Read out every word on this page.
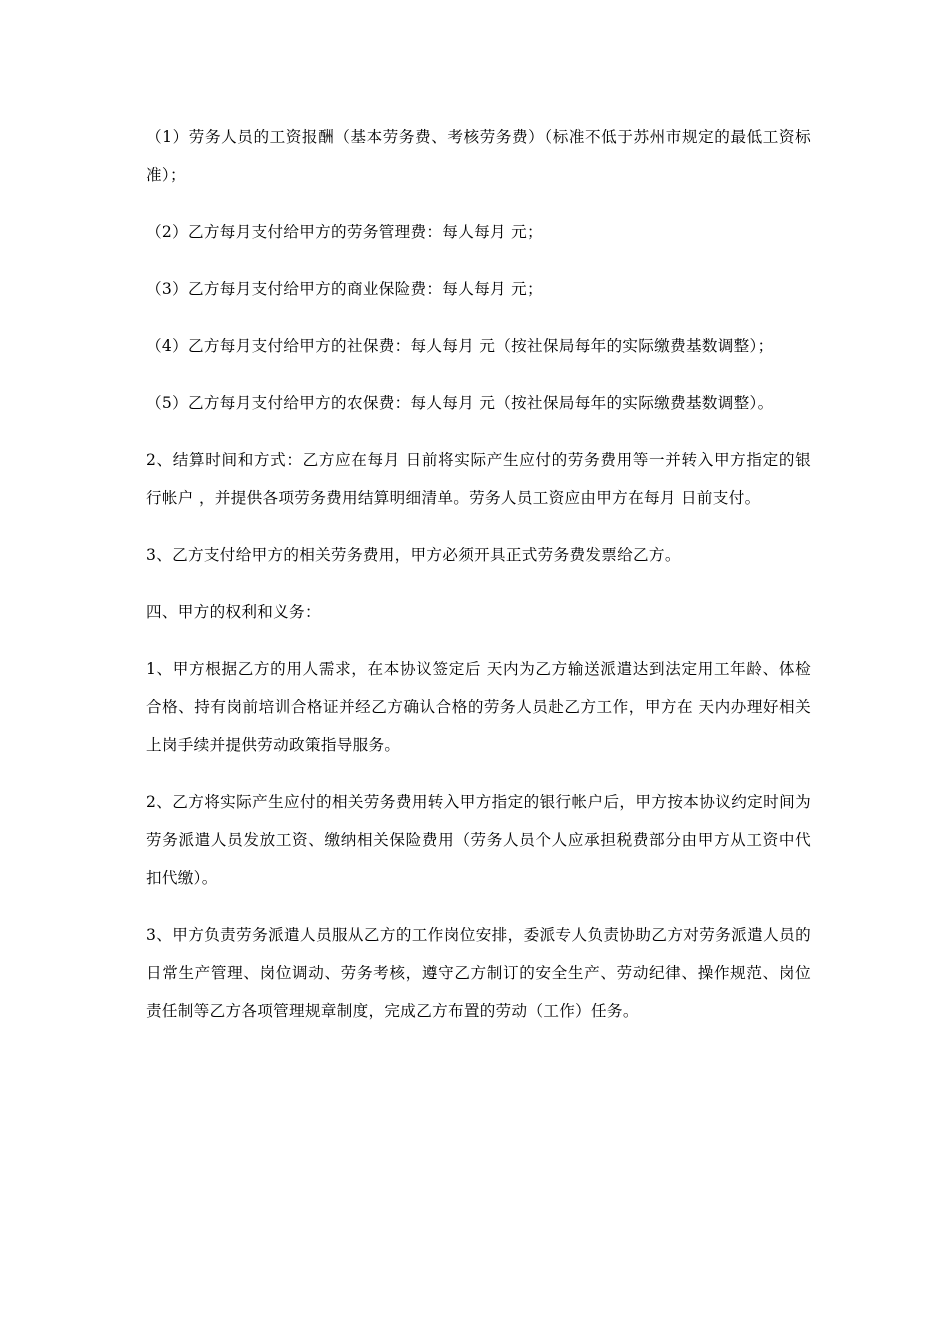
（1）劳务人员的工资报酬（基本劳务费、考核劳务费）（标准不低于苏州市规定的最低工资标准）；

（2）乙方每月支付给甲方的劳务管理费：每人每月 元；

（3）乙方每月支付给甲方的商业保险费：每人每月 元；

（4）乙方每月支付给甲方的社保费：每人每月 元（按社保局每年的实际缴费基数调整）；

（5）乙方每月支付给甲方的农保费：每人每月 元（按社保局每年的实际缴费基数调整）。

2、结算时间和方式：乙方应在每月 日前将实际产生应付的劳务费用等一并转入甲方指定的银行帐户 ，并提供各项劳务费用结算明细清单。劳务人员工资应由甲方在每月 日前支付。

3、乙方支付给甲方的相关劳务费用，甲方必须开具正式劳务费发票给乙方。

四、甲方的权利和义务：

1、甲方根据乙方的用人需求，在本协议签定后 天内为乙方输送派遣达到法定用工年龄、体检合格、持有岗前培训合格证并经乙方确认合格的劳务人员赴乙方工作，甲方在 天内办理好相关上岗手续并提供劳动政策指导服务。

2、乙方将实际产生应付的相关劳务费用转入甲方指定的银行帐户后，甲方按本协议约定时间为劳务派遣人员发放工资、缴纳相关保险费用（劳务人员个人应承担税费部分由甲方从工资中代扣代缴）。

3、甲方负责劳务派遣人员服从乙方的工作岗位安排，委派专人负责协助乙方对劳务派遣人员的日常生产管理、岗位调动、劳务考核，遵守乙方制订的安全生产、劳动纪律、操作规范、岗位责任制等乙方各项管理规章制度，完成乙方布置的劳动（工作）任务。
